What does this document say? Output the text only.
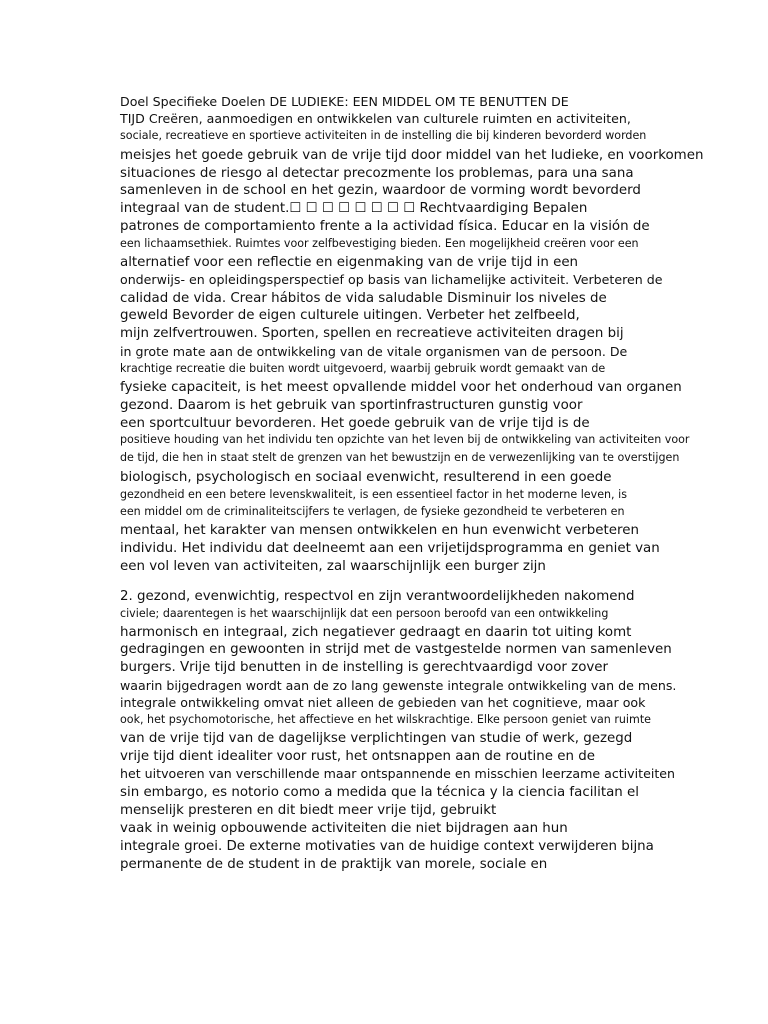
Doel Specifieke Doelen DE LUDIEKE: EEN MIDDEL OM TE BENUTTEN DE
TIJD Creëren, aanmoedigen en ontwikkelen van culturele ruimten en activiteiten,
sociale, recreatieve en sportieve activiteiten in de instelling die bij kinderen bevorderd worden
meisjes het goede gebruik van de vrije tijd door middel van het ludieke, en voorkomen
situaciones de riesgo al detectar precozmente los problemas, para una sana
samenleven in de school en het gezin, waardoor de vorming wordt bevorderd
integraal van de student.☐ ☐ ☐ ☐ ☐ ☐ ☐ ☐ Rechtvaardiging Bepalen
patrones de comportamiento frente a la actividad física. Educar en la visión de
een lichaamsethiek. Ruimtes voor zelfbevestiging bieden. Een mogelijkheid creëren voor een
alternatief voor een reflectie en eigenmaking van de vrije tijd in een
onderwijs- en opleidingsperspectief op basis van lichamelijke activiteit. Verbeteren de
calidad de vida. Crear hábitos de vida saludable Disminuir los niveles de
geweld Bevorder de eigen culturele uitingen. Verbeter het zelfbeeld,
mijn zelfvertrouwen. Sporten, spellen en recreatieve activiteiten dragen bij
in grote mate aan de ontwikkeling van de vitale organismen van de persoon. De
krachtige recreatie die buiten wordt uitgevoerd, waarbij gebruik wordt gemaakt van de
fysieke capaciteit, is het meest opvallende middel voor het onderhoud van organen
gezond. Daarom is het gebruik van sportinfrastructuren gunstig voor
een sportcultuur bevorderen. Het goede gebruik van de vrije tijd is de
positieve houding van het individu ten opzichte van het leven bij de ontwikkeling van activiteiten voor
de tijd, die hen in staat stelt de grenzen van het bewustzijn en de verwezenlijking van te overstijgen
biologisch, psychologisch en sociaal evenwicht, resulterend in een goede
gezondheid en een betere levenskwaliteit, is een essentieel factor in het moderne leven, is
een middel om de criminaliteitscijfers te verlagen, de fysieke gezondheid te verbeteren en
mentaal, het karakter van mensen ontwikkelen en hun evenwicht verbeteren
individu. Het individu dat deelneemt aan een vrijetijdsprogramma en geniet van
een vol leven van activiteiten, zal waarschijnlijk een burger zijn
2. gezond, evenwichtig, respectvol en zijn verantwoordelijkheden nakomend
civiele; daarentegen is het waarschijnlijk dat een persoon beroofd van een ontwikkeling
harmonisch en integraal, zich negatiever gedraagt en daarin tot uiting komt
gedragingen en gewoonten in strijd met de vastgestelde normen van samenleven
burgers. Vrije tijd benutten in de instelling is gerechtvaardigd voor zover
waarin bijgedragen wordt aan de zo lang gewenste integrale ontwikkeling van de mens.
integrale ontwikkeling omvat niet alleen de gebieden van het cognitieve, maar ook
ook, het psychomotorische, het affectieve en het wilskrachtige. Elke persoon geniet van ruimte
van de vrije tijd van de dagelijkse verplichtingen van studie of werk, gezegd
vrije tijd dient idealiter voor rust, het ontsnappen aan de routine en de
het uitvoeren van verschillende maar ontspannende en misschien leerzame activiteiten
sin embargo, es notorio como a medida que la técnica y la ciencia facilitan el
menselijk presteren en dit biedt meer vrije tijd, gebruikt
vaak in weinig opbouwende activiteiten die niet bijdragen aan hun
integrale groei. De externe motivaties van de huidige context verwijderen bijna
permanente de de student in de praktijk van morele, sociale en
